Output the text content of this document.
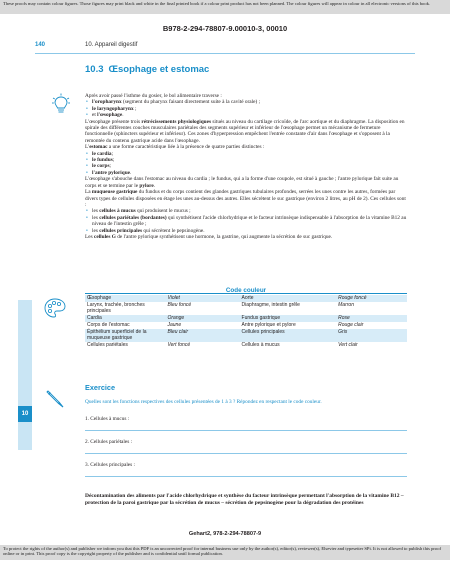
These proofs may contain colour figures. Those figures may print black and white in the final printed book if a colour print product has not been planned. The colour figures will appear in colour in all electronic versions of this book.
B978-2-294-78807-9.00010-3, 00010
140	10. Appareil digestif
10.3 Œsophage et estomac

Après avoir passé l'isthme du gosier, le bol alimentaire traverse :

• l'oropharynx (segment du pharynx faisant directement suite à la cavité orale) ;
• le laryngopharynx ;
• et l'œsophage.

L'œsophage présente trois rétrécissements physiologiques situés au niveau du cartilage cricoïde, de l'arc aortique et du diaphragme. La disposition en spirale des différentes couches musculaires pariétales des segments supérieur et inférieur de l'œsophage permet un mécanisme de fermeture fonctionnelle (sphincters supérieur et inférieur). Ces zones d'hyperpression empêchent l'entrée constante d'air dans l'œsophage et s'opposent à la remontée du contenu gastrique acide dans l'œsophage.

L'estomac a une forme caractéristique liée à la présence de quatre parties distinctes :

• le cardia;
• le fundus;
• le corps;
• l'antre pylorique.

L'œsophage s'abouche dans l'estomac au niveau du cardia ; le fundus, qui a la forme d'une coupole, est situé à gauche ; l'antre pylorique fait suite au corps et se termine par le pylore.

La muqueuse gastrique du fundus et du corps contient des glandes gastriques tubulaires profondes, serrées les unes contre les autres, formées par divers types de cellules disposées en étage les unes au-dessus des autres. Elles sécrètent le suc gastrique (environ 2 litres, au pH de 2). Ces cellules sont :

• les cellules à mucus qui produisent le mucus ;
• les cellules pariétales (bordantes) qui synthétisent l'acide chlorhydrique et le facteur intrinsèque indispensable à l'absorption de la vitamine B12 au niveau de l'intestin grêle ;
• les cellules principales qui sécrètent le pepsinogène.

Les cellules G de l'antre pylorique synthétisent une hormone, la gastrine, qui augmente la sécrétion de suc gastrique.

10
Code couleur
Œsophage	Violet	Aorte	Rouge foncé
Larynx, trachée, bronches principales	Bleu foncé	Diaphragme, intestin grêle	Marron
Cardia	Orange	Fundus gastrique	Rose
Corps de l'estomac	Jaune	Antre pylorique et pylore	Rouge clair
Épithélium superficiel de la muqueuse gastrique	Bleu clair	Cellules principales	Gris
Cellules pariétales	Vert foncé	Cellules à mucus	Vert clair
Exercice
Quelles sont les fonctions respectives des cellules présentées de 1 à 3 ? Répondez en respectant le code couleur.
1. Cellules à mucus :
2. Cellules pariétales :
3. Cellules principales :
Décontamination des aliments par l'acide chlorhydrique et synthèse du facteur intrinsèque permettant l'absorption de la vitamine B12 – protection de la paroi gastrique par la sécrétion de mucus – sécrétion de pepsinogène pour la dégradation des protéines
Gehart2, 978-2-294-78807-9
To protect the rights of the author(s) and publisher we inform you that this PDF is an uncorrected proof for internal business use only by the author(s), editor(s), reviewer(s), Elsevier and typesetter SPi. It is not allowed to publish this proof online or in print. This proof copy is the copyright property of the publisher and is confidential until formal publication.
